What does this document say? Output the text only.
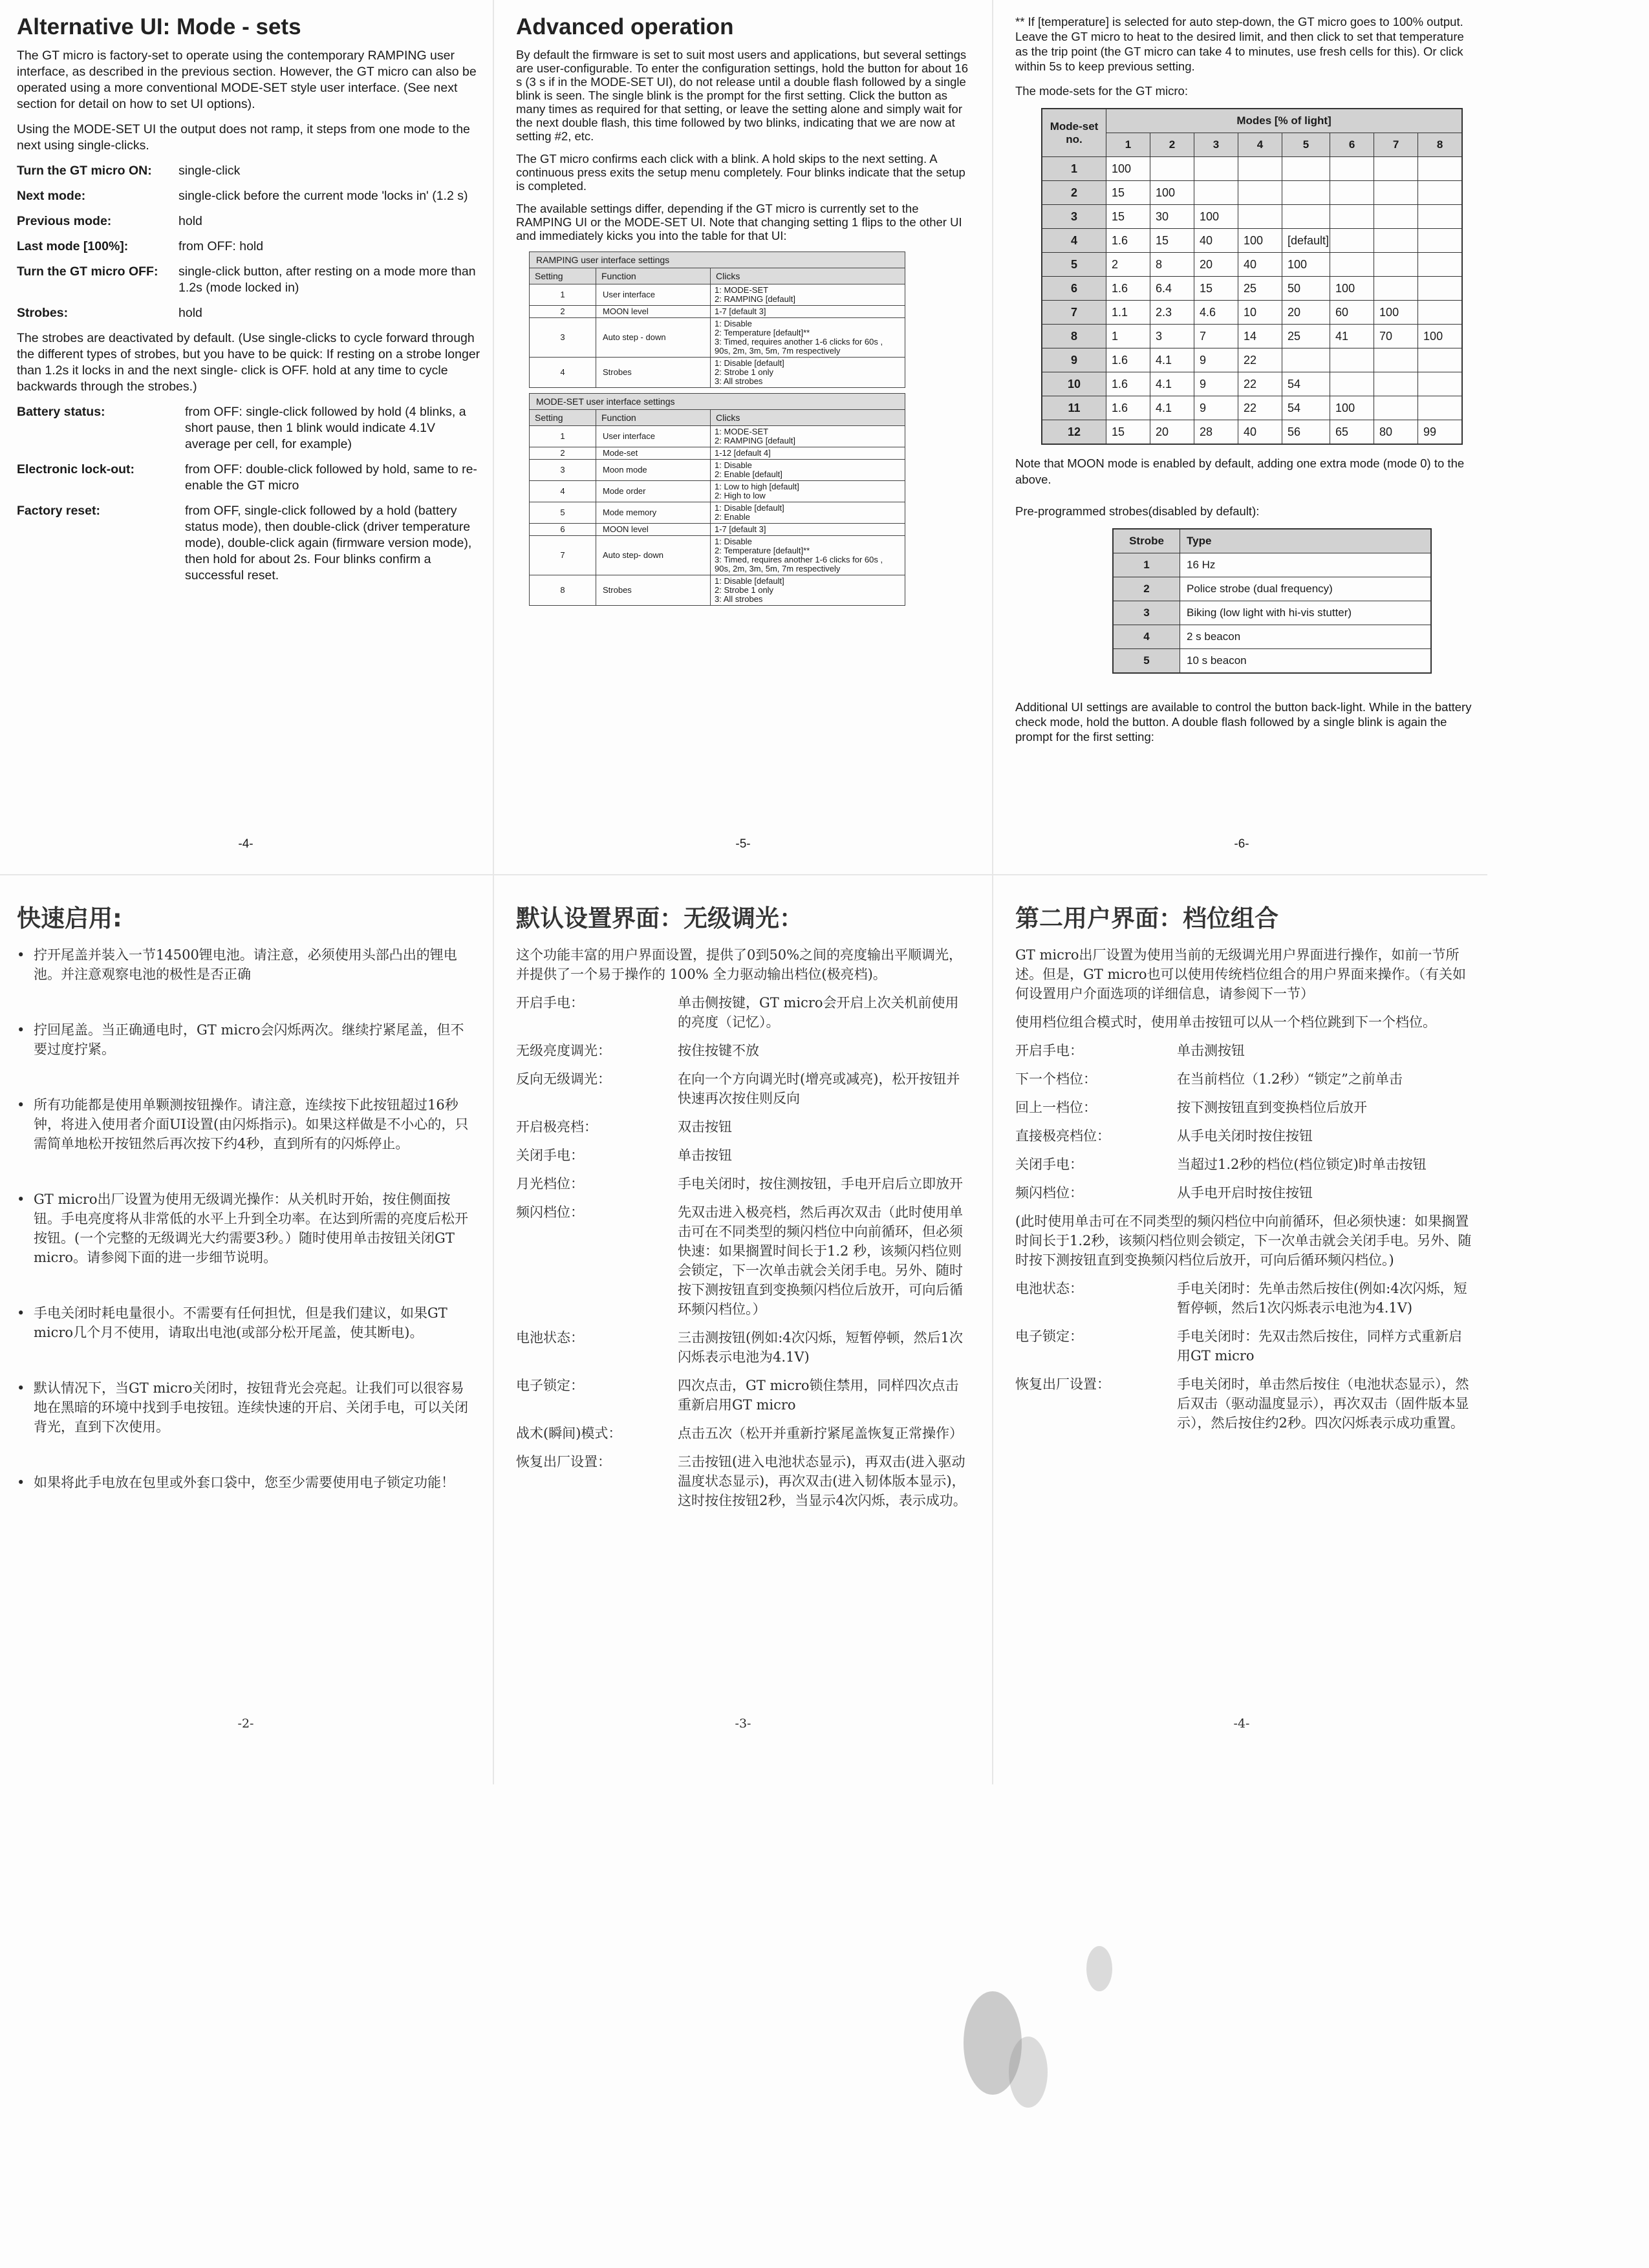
Alternative UI: Mode - sets

The GT micro is factory-set to operate using the contemporary RAMPING user interface, as described in the previous section. However, the GT micro can also be operated using a more conventional MODE-SET style user interface. (See next section for detail on how to set UI options).

Using the MODE-SET UI the output does not ramp, it steps from one mode to the next using single-clicks.

Turn the GT micro ON:	single-click
Next mode:	single-click before the current mode 'locks in' (1.2 s)
Previous mode:	hold
Last mode [100%]:	from OFF: hold
Turn the GT micro OFF:	single-click button, after resting on a mode more than 1.2s (mode locked in)
Strobes:	hold

The strobes are deactivated by default. (Use single-clicks to cycle forward through the different types of strobes, but you have to be quick: If resting on a strobe longer than 1.2s it locks in and the next single- click is OFF. hold at any time to cycle backwards through the strobes.)

Battery status:	from OFF: single-click followed by hold (4 blinks, a short pause, then 1 blink would indicate 4.1V average per cell, for example)
Electronic lock-out:	from OFF: double-click followed by hold, same to re- enable the GT micro
Factory reset:	from OFF, single-click followed by a hold (battery status mode), then double-click (driver temperature mode), double-click again (firmware version mode), then hold for about 2s. Four blinks confirm a successful reset.
-4-
Advanced operation

By default the firmware is set to suit most users and applications, but several settings are user-configurable. To enter the configuration settings, hold the button for about 16 s (3 s if in the MODE-SET UI), do not release until a double flash followed by a single blink is seen. The single blink is the prompt for the first setting. Click the button as many times as required for that setting, or leave the setting alone and simply wait for the next double flash, this time followed by two blinks, indicating that we are now at setting #2, etc.

The GT micro confirms each click with a blink. A hold skips to the next setting. A continuous press exits the setup menu completely. Four blinks indicate that the setup is completed.

The available settings differ, depending if the GT micro is currently set to the RAMPING UI or the MODE-SET UI. Note that changing setting 1 flips to the other UI and immediately kicks you into the table for that UI:

RAMPING user interface settings
Setting	Function	Clicks
1	User interface	1: MODE-SET
2: RAMPING [default]
2	MOON level	1-7 [default 3]
3	Auto step - down	1: Disable
2: Temperature [default]**
3: Timed, requires another 1-6 clicks for 60s , 90s, 2m, 3m, 5m, 7m respectively
4	Strobes	1: Disable [default]
2: Strobe 1 only
3: All strobes
MODE-SET user interface settings
Setting	Function	Clicks
1	User interface	1: MODE-SET
2: RAMPING [default]
2	Mode-set	1-12 [default 4]
3	Moon mode	1: Disable
2: Enable [default]
4	Mode order	1: Low to high [default]
2: High to low
5	Mode memory	1: Disable [default]
2: Enable
6	MOON level	1-7 [default 3]
7	Auto step- down	1: Disable
2: Temperature [default]**
3: Timed, requires another 1-6 clicks for 60s , 90s, 2m, 3m, 5m, 7m respectively
8	Strobes	1: Disable [default]
2: Strobe 1 only
3: All strobes
-5-

** If [temperature] is selected for auto step-down, the GT micro goes to 100% output. Leave the GT micro to heat to the desired limit, and then click to set that temperature as the trip point (the GT micro can take 4 to minutes, use fresh cells for this). Or click within 5s to keep previous setting.

The mode-sets for the GT micro:

Mode-set no.	Modes [% of light]							
	1	2	3	4	5	6	7	8
1	100							
2	15	100						
3	15	30	100					
4	1.6	15	40	100	[default]			
5	2	8	20	40	100			
6	1.6	6.4	15	25	50	100		
7	1.1	2.3	4.6	10	20	60	100	
8	1	3	7	14	25	41	70	100
9	1.6	4.1	9	22				
10	1.6	4.1	9	22	54			
11	1.6	4.1	9	22	54	100		
12	15	20	28	40	56	65	80	99

Note that MOON mode is enabled by default, adding one extra mode (mode 0) to the above.

Pre-programmed strobes(disabled by default):

Strobe	Type
1	16 Hz
2	Police strobe (dual frequency)
3	Biking (low light with hi-vis stutter)
4	2 s beacon
5	10 s beacon

Additional UI settings are available to control the button back-light. While in the battery check mode, hold the button. A double flash followed by a single blink is again the prompt for the first setting:

-6-
快速启用:
• 拧开尾盖并装入一节14500锂电池。请注意，必须使用头部凸出的锂电池。并注意观察电池的极性是否正确
• 拧回尾盖。当正确通电时，GT micro会闪烁两次。继续拧紧尾盖，但不要过度拧紧。
• 所有功能都是使用单颗测按钮操作。请注意，连续按下此按钮超过16秒钟，将进入使用者介面UI设置(由闪烁指示)。如果这样做是不小心的，只需简单地松开按钮然后再次按下约4秒，直到所有的闪烁停止。
• GT micro出厂设置为使用无级调光操作：从关机时开始，按住侧面按钮。手电亮度将从非常低的水平上升到全功率。在达到所需的亮度后松开按钮。(一个完整的无级调光大约需要3秒。）随时使用单击按钮关闭GT micro。请参阅下面的进一步细节说明。
• 手电关闭时耗电量很小。不需要有任何担忧，但是我们建议，如果GT micro几个月不使用，请取出电池(或部分松开尾盖，使其断电)。
• 默认情况下，当GT micro关闭时，按钮背光会亮起。让我们可以很容易地在黑暗的环境中找到手电按钮。连续快速的开启、关闭手电，可以关闭背光，直到下次使用。
• 如果将此手电放在包里或外套口袋中，您至少需要使用电子锁定功能！
-2-
默认设置界面：无级调光：

这个功能丰富的用户界面设置，提供了0到50%之间的亮度输出平顺调光，并提供了一个易于操作的 100% 全力驱动输出档位(极亮档)。

开启手电：	单击侧按键，GT micro会开启上次关机前使用的亮度（记忆）。
无级亮度调光：	按住按键不放
反向无级调光：	在向一个方向调光时(增亮或减亮)，松开按钮并快速再次按住则反向
开启极亮档：	双击按钮
关闭手电：	单击按钮
月光档位：	手电关闭时，按住测按钮，手电开启后立即放开
频闪档位：	先双击进入极亮档，然后再次双击（此时使用单击可在不同类型的频闪档位中向前循环，但必须快速：如果搁置时间长于1.2 秒，该频闪档位则会锁定，下一次单击就会关闭手电。另外、随时按下测按钮直到变换频闪档位后放开，可向后循环频闪档位。）
电池状态：	三击测按钮(例如:4次闪烁，短暂停顿，然后1次闪烁表示电池为4.1V)
电子锁定：	四次点击，GT micro锁住禁用，同样四次点击重新启用GT micro
战术(瞬间)模式：	点击五次（松开并重新拧紧尾盖恢复正常操作）
恢复出厂设置：	三击按钮(进入电池状态显示)，再双击(进入驱动温度状态显示)，再次双击(进入韧体版本显示)，这时按住按钮2秒，当显示4次闪烁，表示成功。
-3-
第二用户界面：档位组合

GT micro出厂设置为使用当前的无级调光用户界面进行操作，如前一节所述。但是，GT micro也可以使用传统档位组合的用户界面来操作。（有关如何设置用户介面选项的详细信息，请参阅下一节）

使用档位组合模式时，使用单击按钮可以从一个档位跳到下一个档位。

开启手电：	单击测按钮
下一个档位：	在当前档位（1.2秒）“锁定”之前单击
回上一档位：	按下测按钮直到变换档位后放开
直接极亮档位：	从手电关闭时按住按钮
关闭手电：	当超过1.2秒的档位(档位锁定)时单击按钮
频闪档位：	从手电开启时按住按钮

(此时使用单击可在不同类型的频闪档位中向前循环，但必须快速：如果搁置时间长于1.2秒，该频闪档位则会锁定，下一次单击就会关闭手电。另外、随时按下测按钮直到变换频闪档位后放开，可向后循环频闪档位。)

电池状态：	手电关闭时：先单击然后按住(例如:4次闪烁，短暂停顿，然后1次闪烁表示电池为4.1V)
电子锁定：	手电关闭时：先双击然后按住，同样方式重新启用GT micro
恢复出厂设置：	手电关闭时，单击然后按住（电池状态显示），然后双击（驱动温度显示），再次双击（固件版本显示），然后按住约2秒。四次闪烁表示成功重置。
-4-
